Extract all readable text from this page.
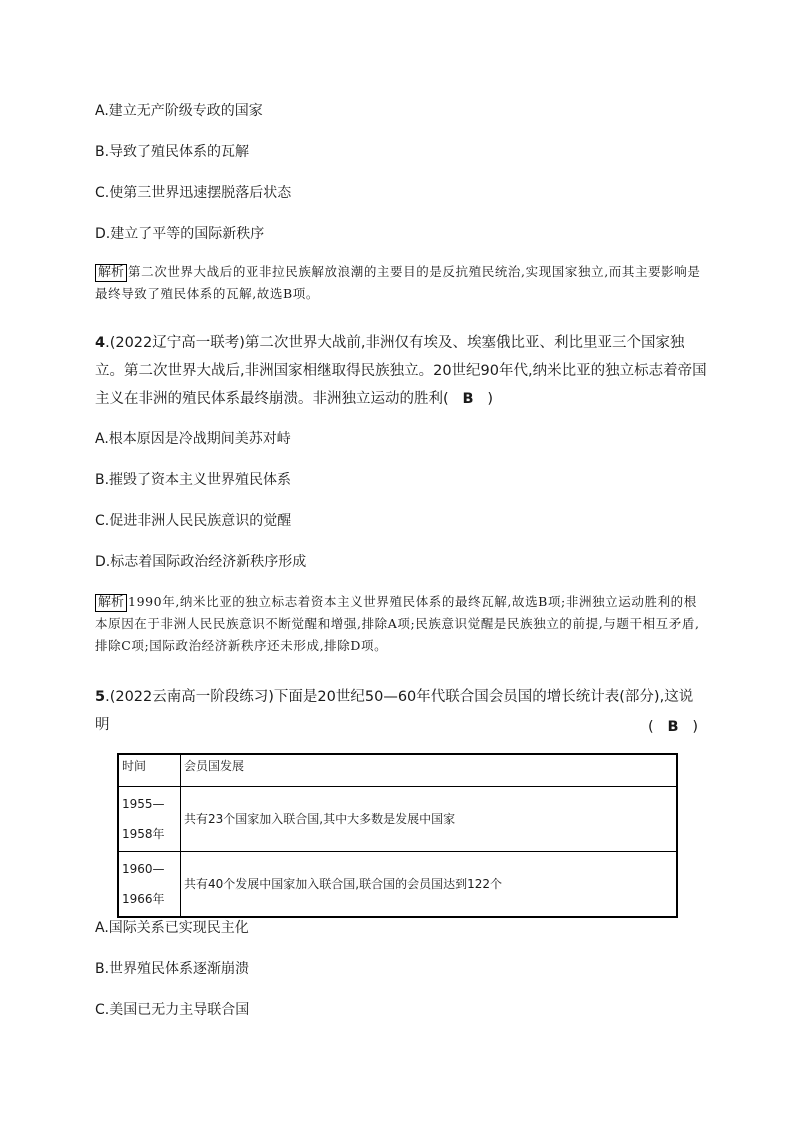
A.建立无产阶级专政的国家
B.导致了殖民体系的瓦解
C.使第三世界迅速摆脱落后状态
D.建立了平等的国际新秩序
解析 第二次世界大战后的亚非拉民族解放浪潮的主要目的是反抗殖民统治,实现国家独立,而其主要影响是最终导致了殖民体系的瓦解,故选B项。
4.(2022辽宁高一联考)第二次世界大战前,非洲仅有埃及、埃塞俄比亚、利比里亚三个国家独立。第二次世界大战后,非洲国家相继取得民族独立。20世纪90年代,纳米比亚的独立标志着帝国主义在非洲的殖民体系最终崩溃。非洲独立运动的胜利( B )
A.根本原因是冷战期间美苏对峙
B.摧毁了资本主义世界殖民体系
C.促进非洲人民民族意识的觉醒
D.标志着国际政治经济新秩序形成
解析 1990年,纳米比亚的独立标志着资本主义世界殖民体系的最终瓦解,故选B项;非洲独立运动胜利的根本原因在于非洲人民民族意识不断觉醒和增强,排除A项;民族意识觉醒是民族独立的前提,与题干相互矛盾,排除C项;国际政治经济新秩序还未形成,排除D项。
5.(2022云南高一阶段练习)下面是20世纪50—60年代联合国会员国的增长统计表(部分),这说明	( B )
时间	会员国发展

1955—
1958年	共有23个国家加入联合国,其中大多数是发展中国家

1960—
1966年	共有40个发展中国家加入联合国,联合国的会员国达到122个
A.国际关系已实现民主化
B.世界殖民体系逐渐崩溃
C.美国已无力主导联合国
